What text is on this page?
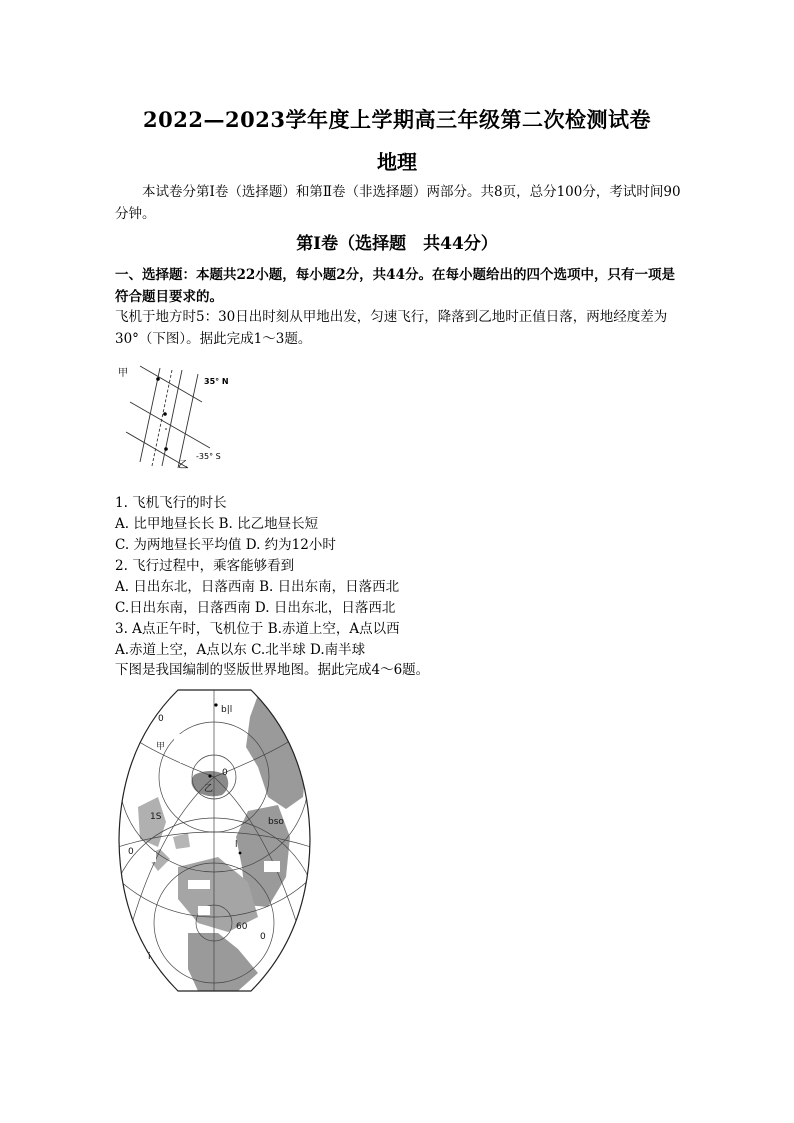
2022—2023学年度上学期高三年级第二次检测试卷
地理
本试卷分第Ⅰ卷（选择题）和第Ⅱ卷（非选择题）两部分。共8页，总分100分，考试时间90分钟。
第Ⅰ卷（选择题　共44分）
一、选择题：本题共22小题，每小题2分，共44分。在每小题给出的四个选项中，只有一项是符合题目要求的。
飞机于地方时5：30日出时刻从甲地出发，匀速飞行，降落到乙地时正值日落，两地经度差为30°（下图）。据此完成1～3题。
甲
乙
35° N
-35° S
1. 飞机飞行的时长
A. 比甲地昼长长 B. 比乙地昼长短
C. 为两地昼长平均值 D. 约为12小时
2. 飞行过程中，乘客能够看到
A. 日出东北，日落西南 B. 日出东南，日落西北
C.日出东南，日落西南 D. 日出东北，日落西北
3. A点正午时，飞机位于 B.赤道上空，A点以西
A.赤道上空，A点以东 C.北半球 D.南半球
下图是我国编制的竖版世界地图。据此完成4～6题。
b|l
0
甲
乙
0
1S
0
bso
l
60
0
i
